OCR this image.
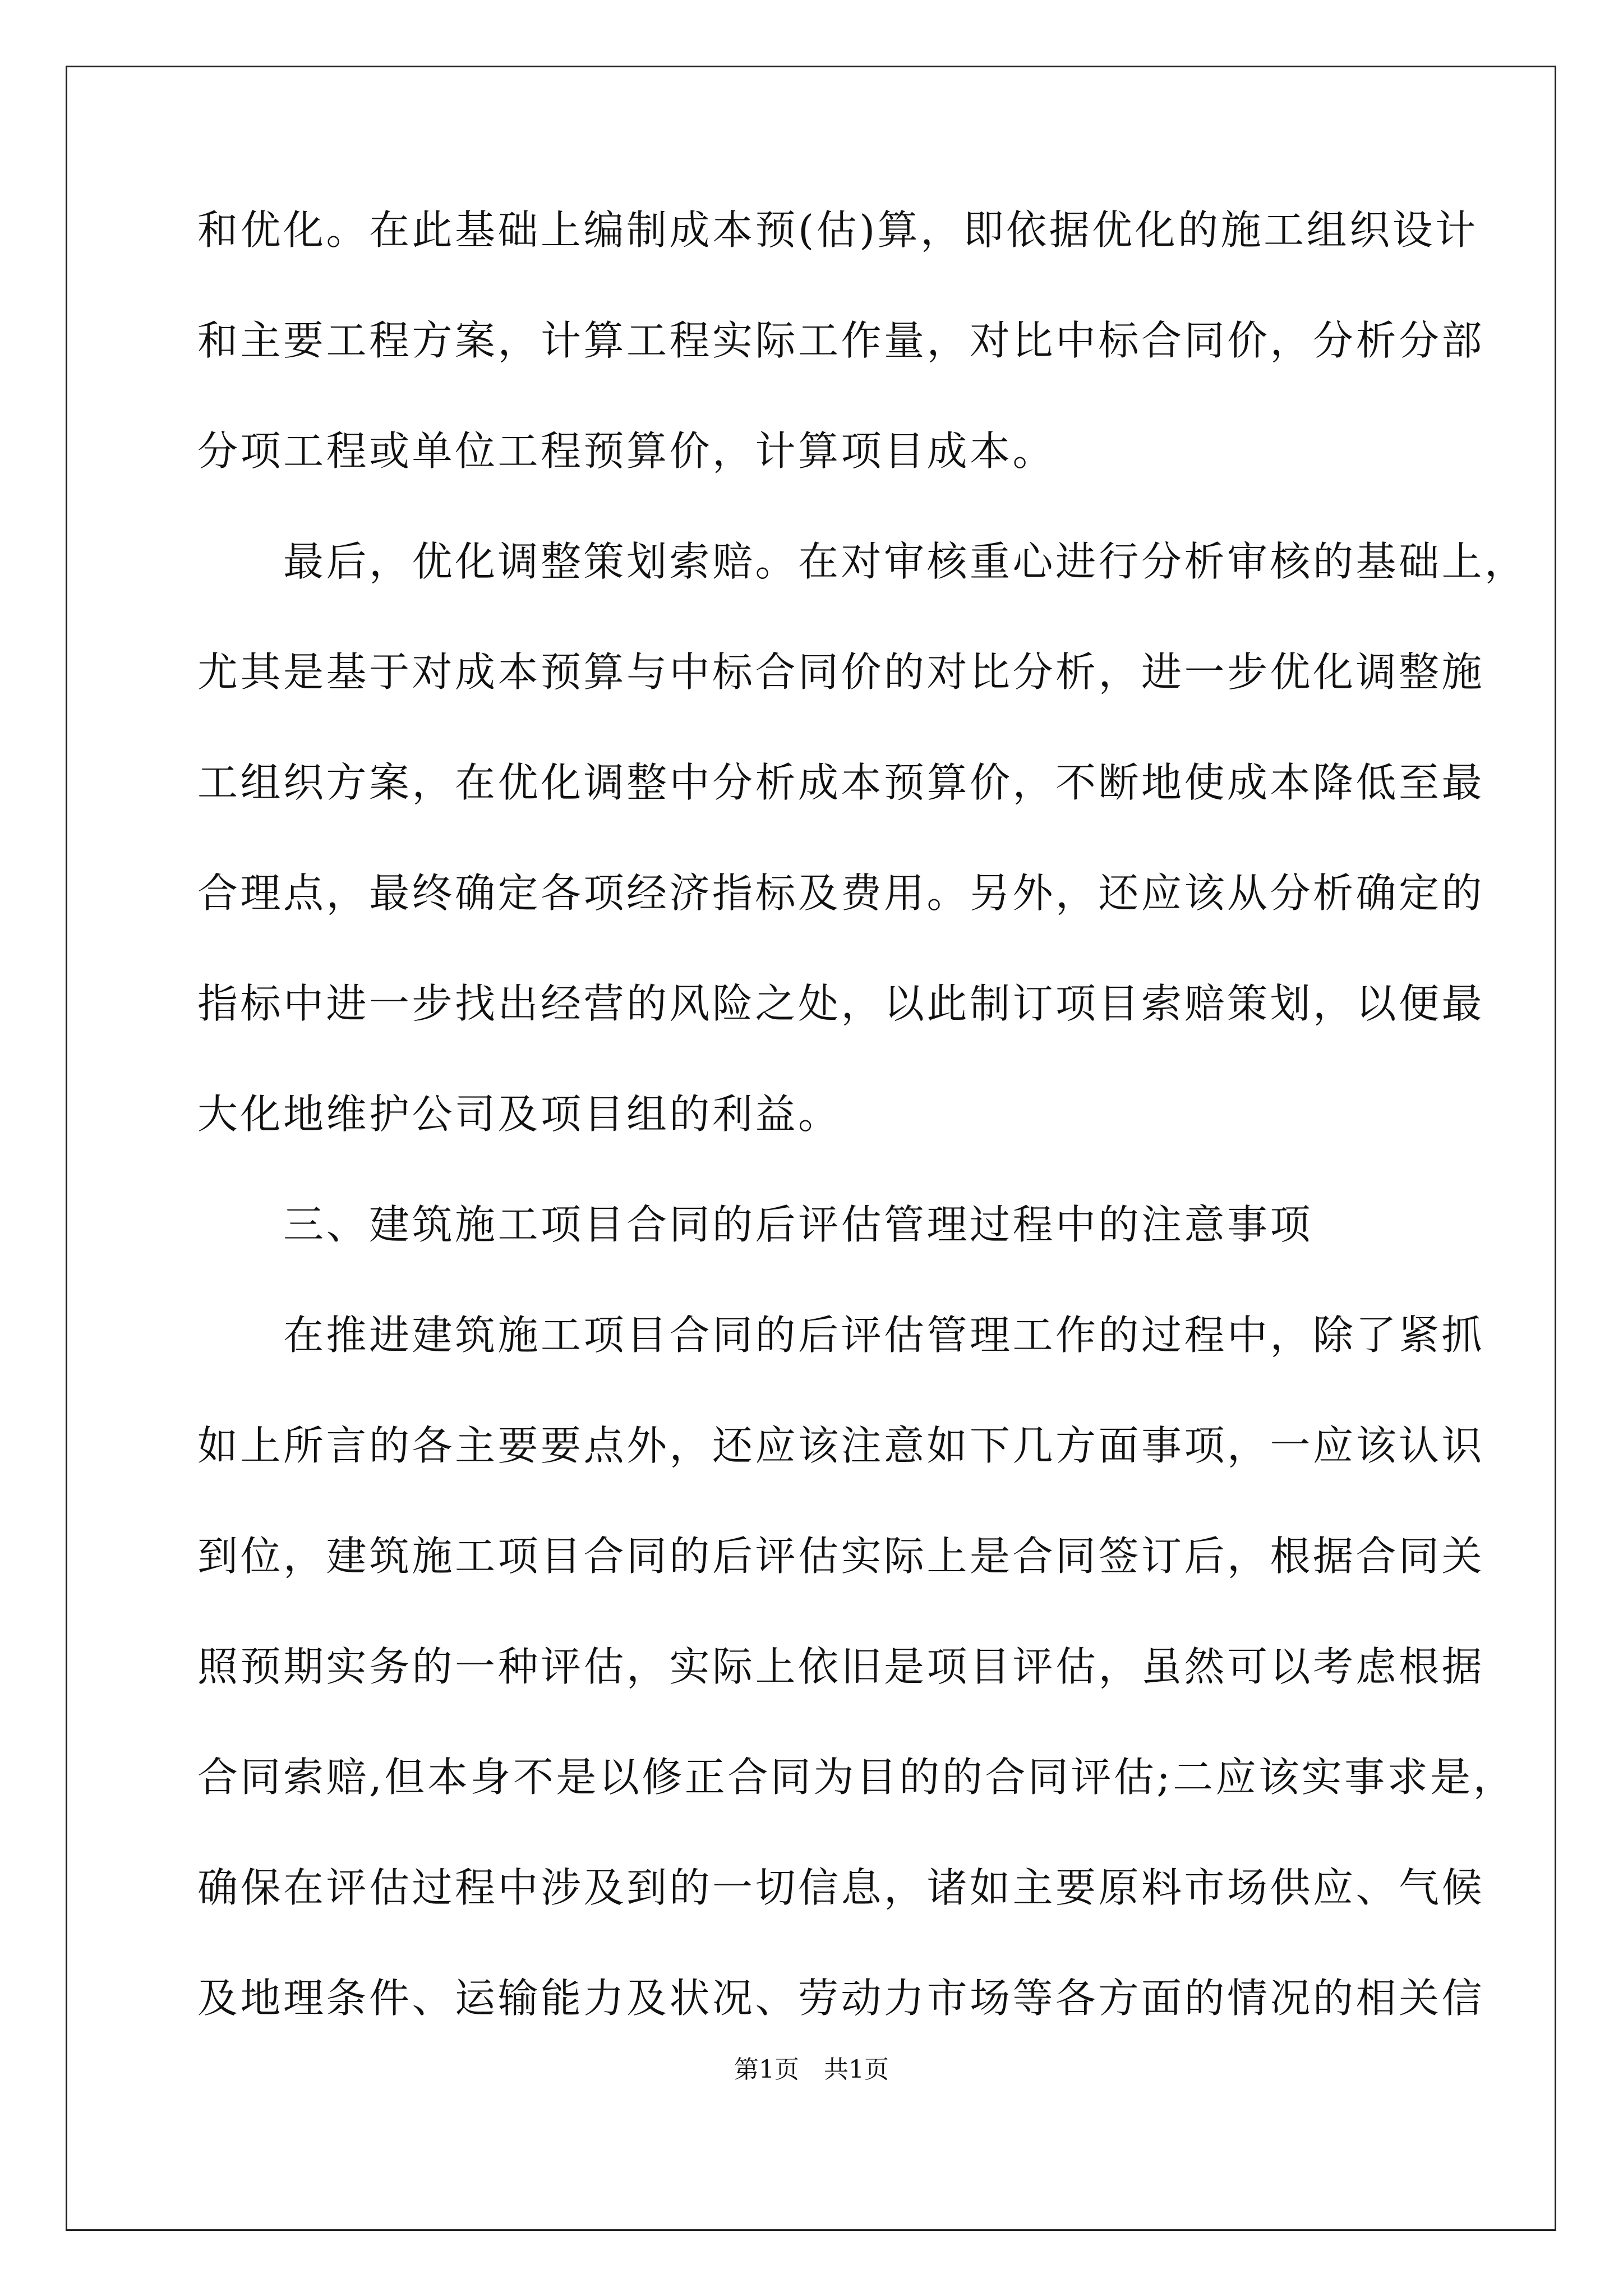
和优化。在此基础上编制成本预(估)算，即依据优化的施工组织设计
和主要工程方案，计算工程实际工作量，对比中标合同价，分析分部
分项工程或单位工程预算价，计算项目成本。
　　最后，优化调整策划索赔。在对审核重心进行分析审核的基础上，
尤其是基于对成本预算与中标合同价的对比分析，进一步优化调整施
工组织方案，在优化调整中分析成本预算价，不断地使成本降低至最
合理点，最终确定各项经济指标及费用。另外，还应该从分析确定的
指标中进一步找出经营的风险之处，以此制订项目索赔策划，以便最
大化地维护公司及项目组的利益。
　　三、建筑施工项目合同的后评估管理过程中的注意事项
　　在推进建筑施工项目合同的后评估管理工作的过程中，除了紧抓
如上所言的各主要要点外，还应该注意如下几方面事项，一应该认识
到位，建筑施工项目合同的后评估实际上是合同签订后，根据合同关
照预期实务的一种评估，实际上依旧是项目评估，虽然可以考虑根据
合同索赔,但本身不是以修正合同为目的的合同评估;二应该实事求是，
确保在评估过程中涉及到的一切信息，诸如主要原料市场供应、气候
及地理条件、运输能力及状况、劳动力市场等各方面的情况的相关信
第1页　共1页
